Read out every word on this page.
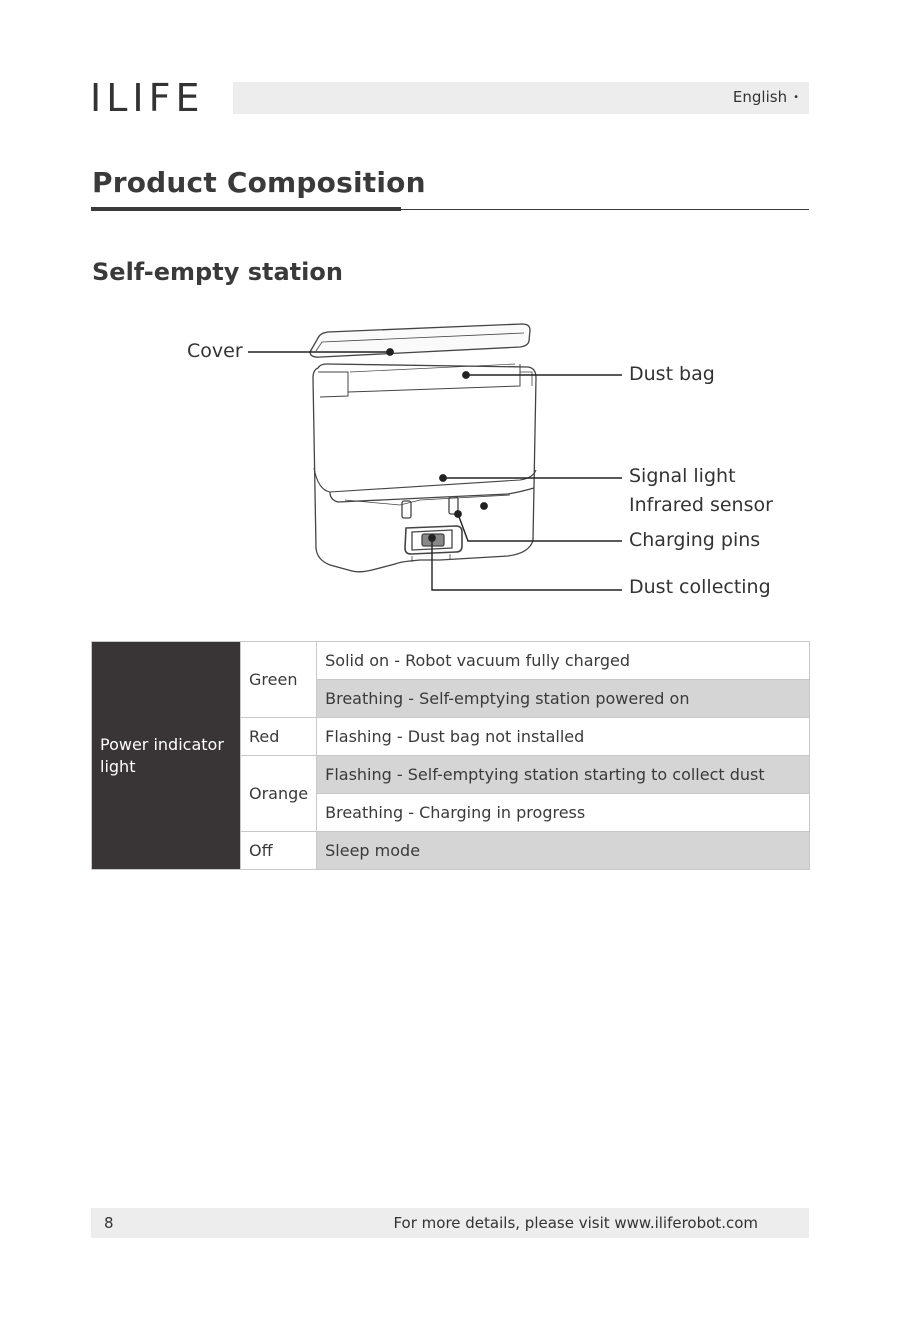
ILIFE	English •
Product Composition
Self-empty station
Cover
Dust bag
Signal light
Infrared sensor
Charging pins
Dust collecting
Power indicator light	Green	Solid on - Robot vacuum fully charged
		Breathing - Self-emptying station powered on
	Red	Flashing - Dust bag not installed
	Orange	Flashing - Self-emptying station starting to collect dust
		Breathing - Charging in progress
	Off	Sleep mode
8	For more details, please visit www.iliferobot.com
